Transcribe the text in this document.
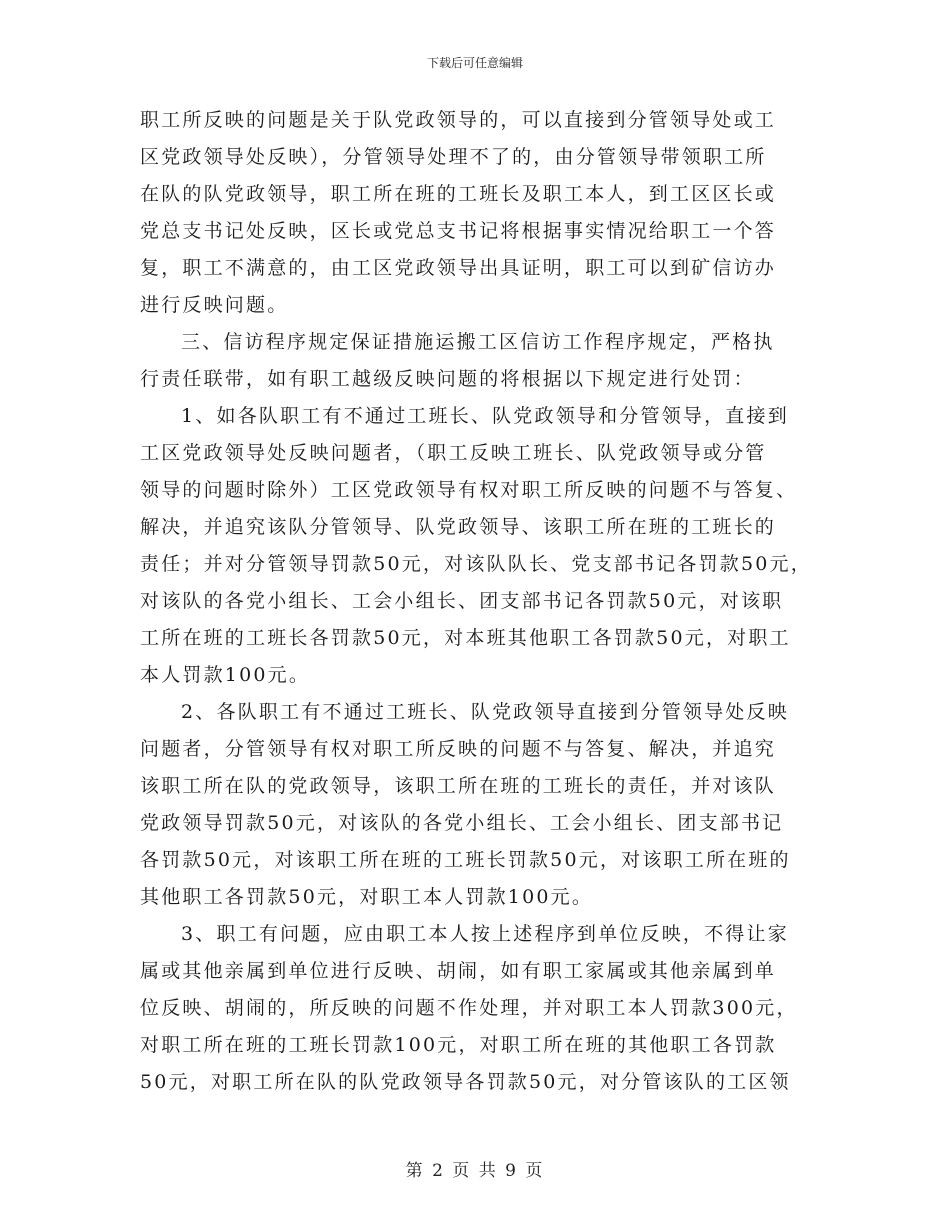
下载后可任意编辑
职工所反映的问题是关于队党政领导的，可以直接到分管领导处或工
区党政领导处反映），分管领导处理不了的，由分管领导带领职工所
在队的队党政领导，职工所在班的工班长及职工本人，到工区区长或
党总支书记处反映，区长或党总支书记将根据事实情况给职工一个答
复，职工不满意的，由工区党政领导出具证明，职工可以到矿信访办
进行反映问题。
三、信访程序规定保证措施运搬工区信访工作程序规定，严格执
行责任联带，如有职工越级反映问题的将根据以下规定进行处罚：
1、如各队职工有不通过工班长、队党政领导和分管领导，直接到
工区党政领导处反映问题者，（职工反映工班长、队党政领导或分管
领导的问题时除外）工区党政领导有权对职工所反映的问题不与答复、
解决，并追究该队分管领导、队党政领导、该职工所在班的工班长的
责任；并对分管领导罚款50元，对该队队长、党支部书记各罚款50元，
对该队的各党小组长、工会小组长、团支部书记各罚款50元，对该职
工所在班的工班长各罚款50元，对本班其他职工各罚款50元，对职工
本人罚款100元。
2、各队职工有不通过工班长、队党政领导直接到分管领导处反映
问题者，分管领导有权对职工所反映的问题不与答复、解决，并追究
该职工所在队的党政领导，该职工所在班的工班长的责任，并对该队
党政领导罚款50元，对该队的各党小组长、工会小组长、团支部书记
各罚款50元，对该职工所在班的工班长罚款50元，对该职工所在班的
其他职工各罚款50元，对职工本人罚款100元。
3、职工有问题，应由职工本人按上述程序到单位反映，不得让家
属或其他亲属到单位进行反映、胡闹，如有职工家属或其他亲属到单
位反映、胡闹的，所反映的问题不作处理，并对职工本人罚款300元，
对职工所在班的工班长罚款100元，对职工所在班的其他职工各罚款
50元，对职工所在队的队党政领导各罚款50元，对分管该队的工区领
第 2 页 共 9 页
